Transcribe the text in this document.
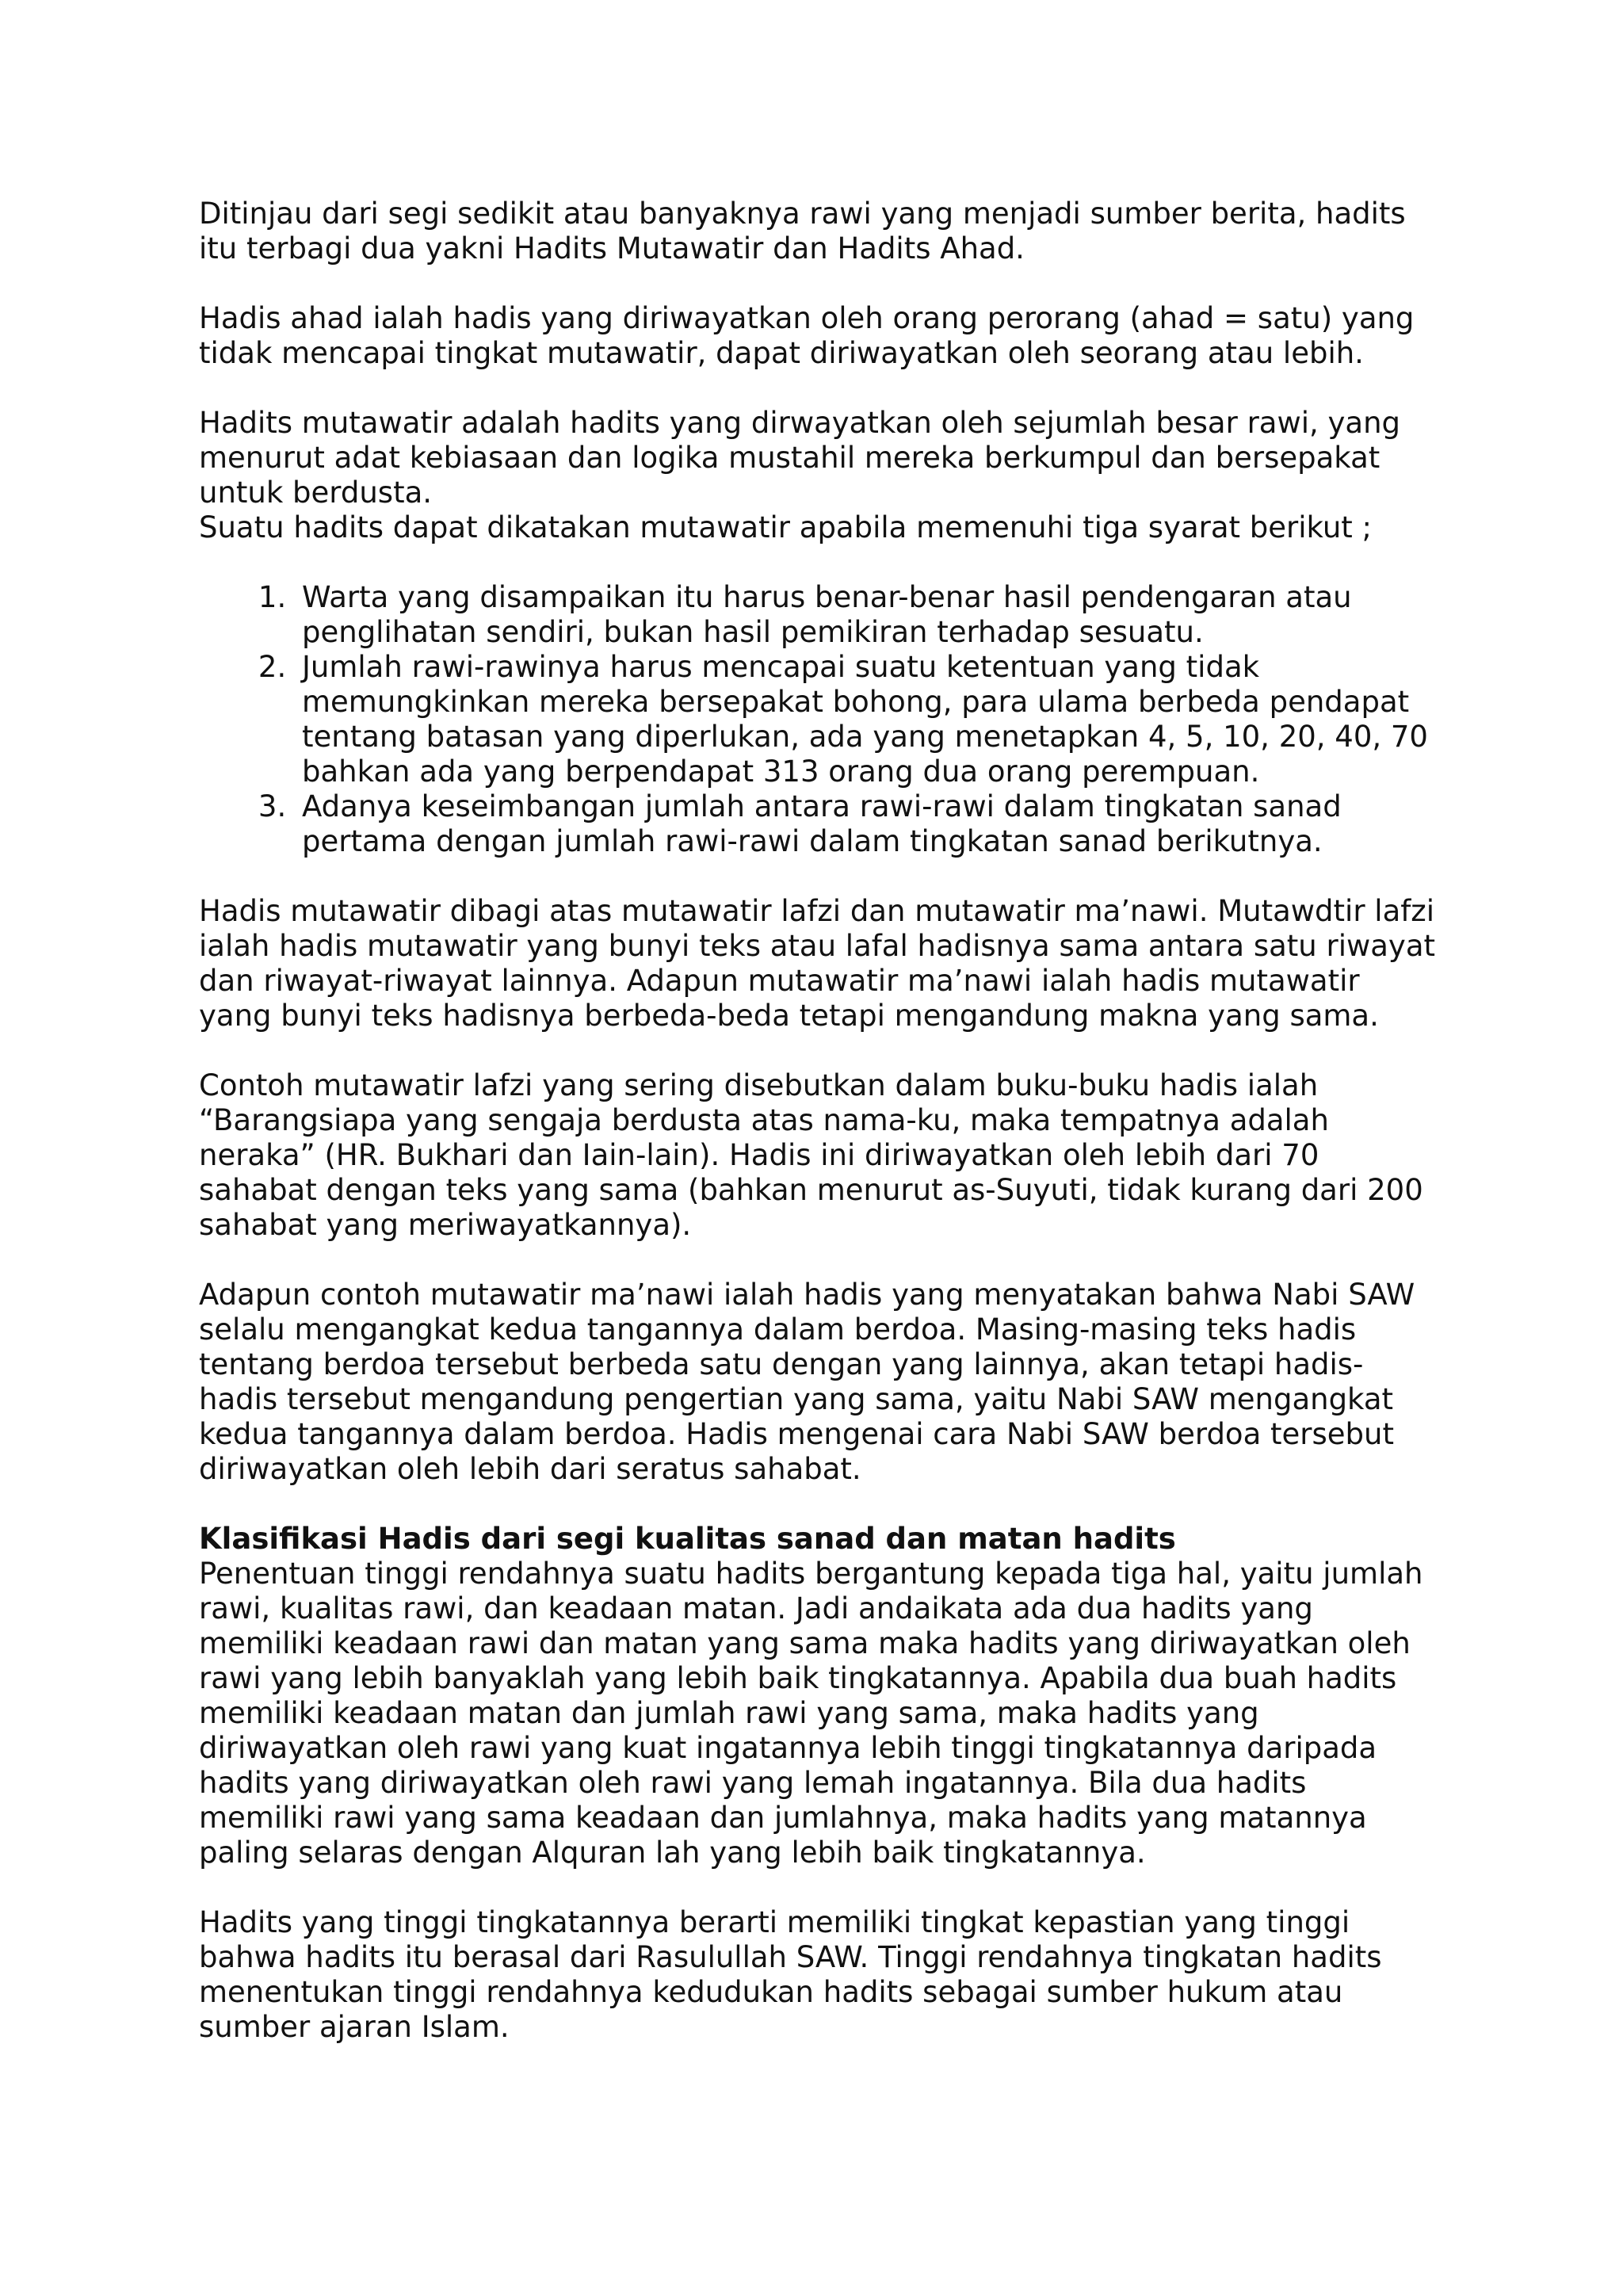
Ditinjau dari segi sedikit atau banyaknya rawi yang menjadi sumber berita, hadits itu terbagi dua yakni Hadits Mutawatir dan Hadits Ahad.

Hadis ahad ialah hadis yang diriwayatkan oleh orang perorang (ahad = satu) yang tidak mencapai tingkat mutawatir, dapat diriwayatkan oleh seorang atau lebih.

Hadits mutawatir adalah hadits yang dirwayatkan oleh sejumlah besar rawi, yang menurut adat kebiasaan dan logika mustahil mereka berkumpul dan bersepakat untuk berdusta.

Suatu hadits dapat dikatakan mutawatir apabila memenuhi tiga syarat berikut ;

1. Warta yang disampaikan itu harus benar-benar hasil pendengaran atau penglihatan sendiri, bukan hasil pemikiran terhadap sesuatu.
2. Jumlah rawi-rawinya harus mencapai suatu ketentuan yang tidak memungkinkan mereka bersepakat bohong, para ulama berbeda pendapat tentang batasan yang diperlukan, ada yang menetapkan 4, 5, 10, 20, 40, 70 bahkan ada yang berpendapat 313 orang dua orang perempuan.
3. Adanya keseimbangan jumlah antara rawi-rawi dalam tingkatan sanad pertama dengan jumlah rawi-rawi dalam tingkatan sanad berikutnya.

Hadis mutawatir dibagi atas mutawatir lafzi dan mutawatir ma’nawi. Mutawdtir lafzi ialah hadis mutawatir yang bunyi teks atau lafal hadisnya sama antara satu riwayat dan riwayat-riwayat lainnya. Adapun mutawatir ma’nawi ialah hadis mutawatir yang bunyi teks hadisnya berbeda-beda tetapi mengandung makna yang sama.

Contoh mutawatir lafzi yang sering disebutkan dalam buku-buku hadis ialah “Barangsiapa yang sengaja berdusta atas nama-ku, maka tempatnya adalah neraka” (HR. Bukhari dan Iain-lain). Hadis ini diriwayatkan oleh lebih dari 70 sahabat dengan teks yang sama (bahkan menurut as-Suyuti, tidak kurang dari 200 sahabat yang meriwayatkannya).

Adapun contoh mutawatir ma’nawi ialah hadis yang menyatakan bahwa Nabi SAW selalu mengangkat kedua tangannya dalam berdoa. Masing-masing teks hadis tentang berdoa tersebut berbeda satu dengan yang lainnya, akan tetapi hadis-hadis tersebut mengandung pengertian yang sama, yaitu Nabi SAW mengangkat kedua tangannya dalam berdoa. Hadis mengenai cara Nabi SAW berdoa tersebut diriwayatkan oleh lebih dari seratus sahabat.

Klasifikasi Hadis dari segi kualitas sanad dan matan hadits

Penentuan tinggi rendahnya suatu hadits bergantung kepada tiga hal, yaitu jumlah rawi, kualitas rawi, dan keadaan matan. Jadi andaikata ada dua hadits yang memiliki keadaan rawi dan matan yang sama maka hadits yang diriwayatkan oleh rawi yang lebih banyaklah yang lebih baik tingkatannya. Apabila dua buah hadits memiliki keadaan matan dan jumlah rawi yang sama, maka hadits yang diriwayatkan oleh rawi yang kuat ingatannya lebih tinggi tingkatannya daripada hadits yang diriwayatkan oleh rawi yang lemah ingatannya. Bila dua hadits memiliki rawi yang sama keadaan dan jumlahnya, maka hadits yang matannya paling selaras dengan Alquran lah yang lebih baik tingkatannya.

Hadits yang tinggi tingkatannya berarti memiliki tingkat kepastian yang tinggi bahwa hadits itu berasal dari Rasulullah SAW. Tinggi rendahnya tingkatan hadits menentukan tinggi rendahnya kedudukan hadits sebagai sumber hukum atau sumber ajaran Islam.
